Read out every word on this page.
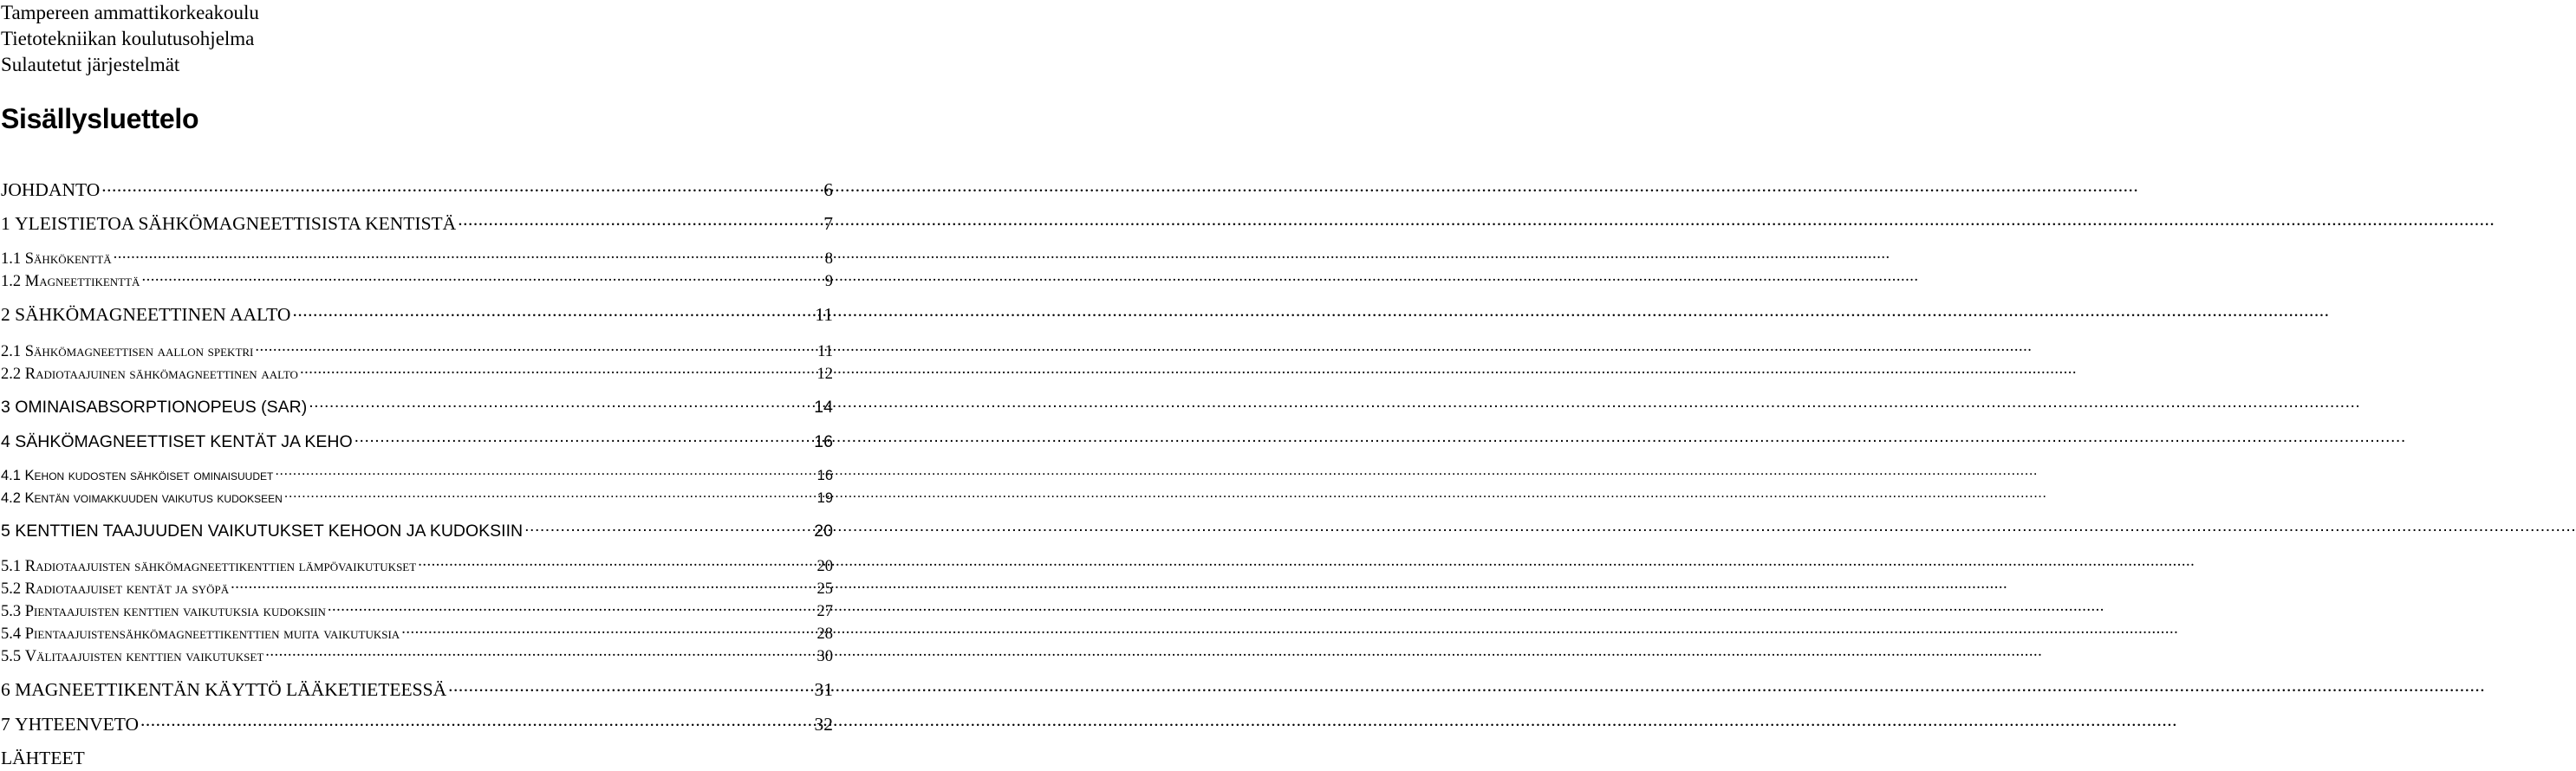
Tampereen ammattikorkeakoulu
Tietotekniikan koulutusohjelma
Sulautetut järjestelmät
Sisällysluettelo
JOHDANTO .....	6
1 YLEISTIETOA SÄHKÖMAGNEETTISISTA KENTISTÄ .....	7
1.1 Sähkökenttä .....	8
1.2 Magneettikenttä .....	9
2 SÄHKÖMAGNEETTINEN AALTO .....	11
2.1 Sähkömagneettisen aallon spektri .....	11
2.2 Radiotaajuinen sähkömagneettinen aalto .....	12
3 OMINAISABSORPTIONOPEUS (SAR) .....	14
4 SÄHKÖMAGNEETTISET KENTÄT JA KEHO .....	16
4.1 Kehon kudosten sähköiset ominaisuudet .....	16
4.2 Kentän voimakkuuden vaikutus kudokseen .....	19
5 KENTTIEN TAAJUUDEN VAIKUTUKSET KEHOON JA KUDOKSIIN .....	20
5.1 Radiotaajuisten sähkömagneettikenttien lämpövaikutukset .....	20
5.2 Radiotaajuiset kentät ja syöpä .....	25
5.3 Pientaajuisten kenttien vaikutuksia kudoksiin .....	27
5.4 Pientaajuistensähkömagneettikenttien muita vaikutuksia .....	28
5.5 Välitaajuisten kenttien vaikutukset .....	30
6 MAGNEETTIKENTÄN KÄYTTÖ LÄÄKETIETEESSÄ .....	31
7 YHTEENVETO .....	32
LÄHTEET
